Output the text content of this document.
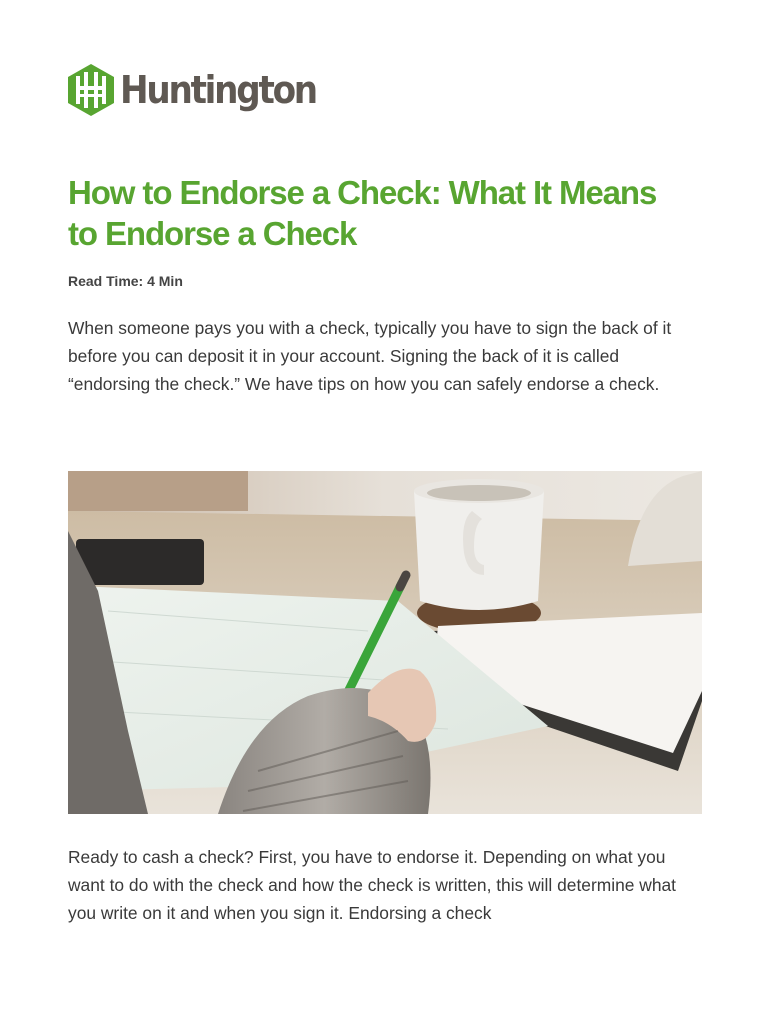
Huntington
How to Endorse a Check: What It Means to Endorse a Check

Read Time: 4 Min

When someone pays you with a check, typically you have to sign the back of it before you can deposit it in your account. Signing the back of it is called “endorsing the check.” We have tips on how you can safely endorse a check.

Ready to cash a check? First, you have to endorse it. Depending on what you want to do with the check and how the check is written, this will determine what you write on it and when you sign it. Endorsing a check
